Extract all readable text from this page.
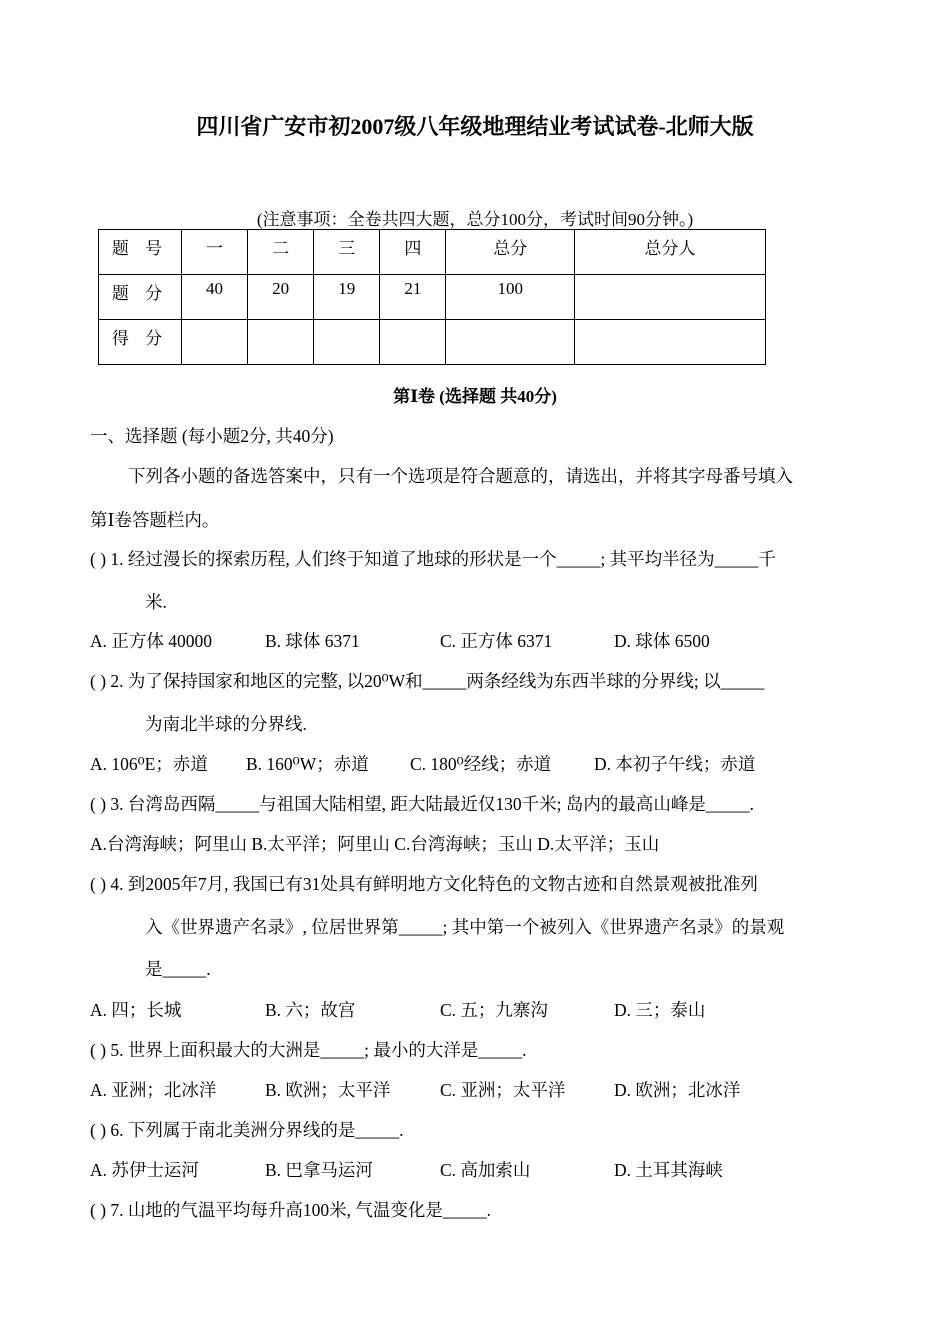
四川省广安市初2007级八年级地理结业考试试卷-北师大版
(注意事项：全卷共四大题，总分100分，考试时间90分钟。)
题 号	一	二	三	四	总分	总分人
题 分	40	20	19	21	100	
得 分						
第Ⅰ卷 (选择题 共40分)
一、选择题 (每小题2分, 共40分)
下列各小题的备选答案中，只有一个选项是符合题意的，请选出，并将其字母番号填入
第Ⅰ卷答题栏内。
( ) 1. 经过漫长的探索历程, 人们终于知道了地球的形状是一个_____; 其平均半径为_____千
米.
A. 正方体 40000	B. 球体 6371	C. 正方体 6371	D. 球体 6500
( ) 2. 为了保持国家和地区的完整, 以20⁰W和_____两条经线为东西半球的分界线; 以_____
为南北半球的分界线.
A. 106⁰E；赤道 B. 160⁰W；赤道 C. 180⁰经线；赤道 D. 本初子午线；赤道
( ) 3. 台湾岛西隔_____与祖国大陆相望, 距大陆最近仅130千米; 岛内的最高山峰是_____.
A.台湾海峡；阿里山 B.太平洋；阿里山 C.台湾海峡；玉山 D.太平洋；玉山
( ) 4. 到2005年7月, 我国已有31处具有鲜明地方文化特色的文物古迹和自然景观被批准列
入《世界遗产名录》, 位居世界第_____; 其中第一个被列入《世界遗产名录》的景观
是_____.
A. 四；长城	B. 六；故宫	C. 五；九寨沟	D. 三；泰山
( ) 5. 世界上面积最大的大洲是_____; 最小的大洋是_____.
A. 亚洲；北冰洋	B. 欧洲；太平洋	C. 亚洲；太平洋	D. 欧洲；北冰洋
( ) 6. 下列属于南北美洲分界线的是_____.
A. 苏伊士运河	B. 巴拿马运河	C. 高加索山	D. 土耳其海峡
( ) 7. 山地的气温平均每升高100米, 气温变化是_____.
